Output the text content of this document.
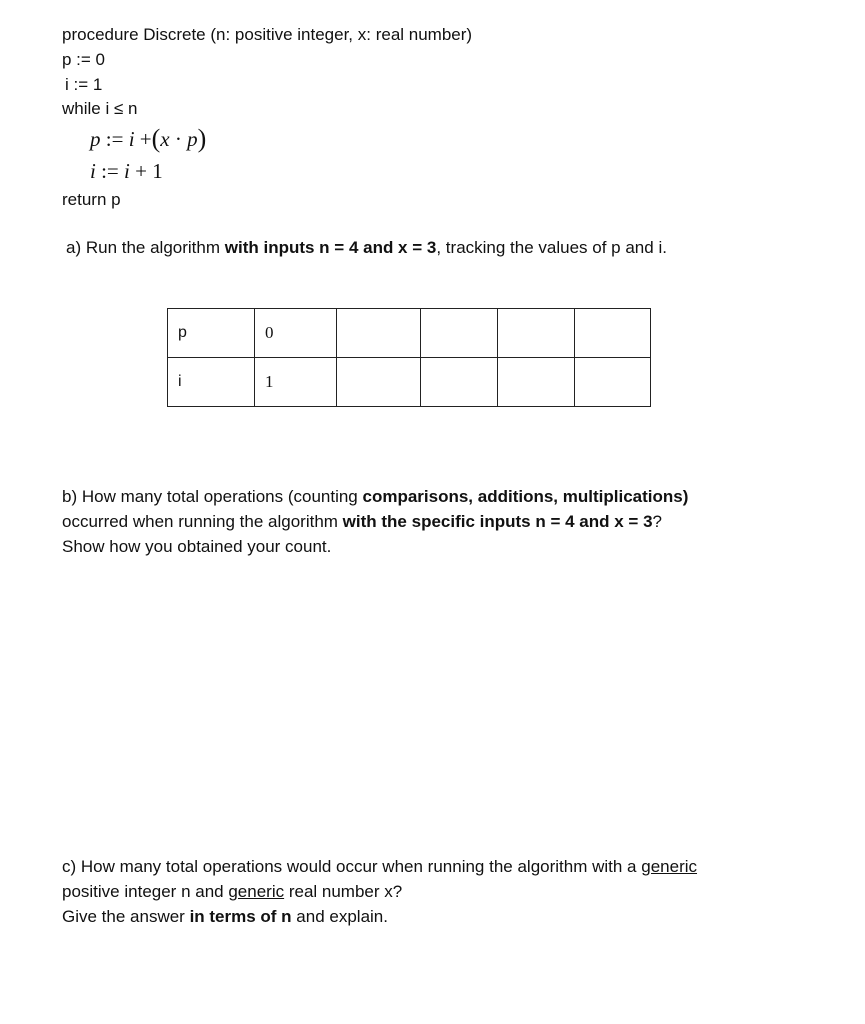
procedure Discrete (n: positive integer, x: real number)
p := 0
i := 1
while i ≤ n
p := i +(x · p)
i := i + 1
return p
a) Run the algorithm with inputs n = 4 and x = 3, tracking the values of p and i.
p	0				
i	1				
b) How many total operations (counting comparisons, additions, multiplications)
occurred when running the algorithm with the specific inputs n = 4 and x = 3?
Show how you obtained your count.
c) How many total operations would occur when running the algorithm with a generic
positive integer n and generic real number x?
Give the answer in terms of n and explain.
